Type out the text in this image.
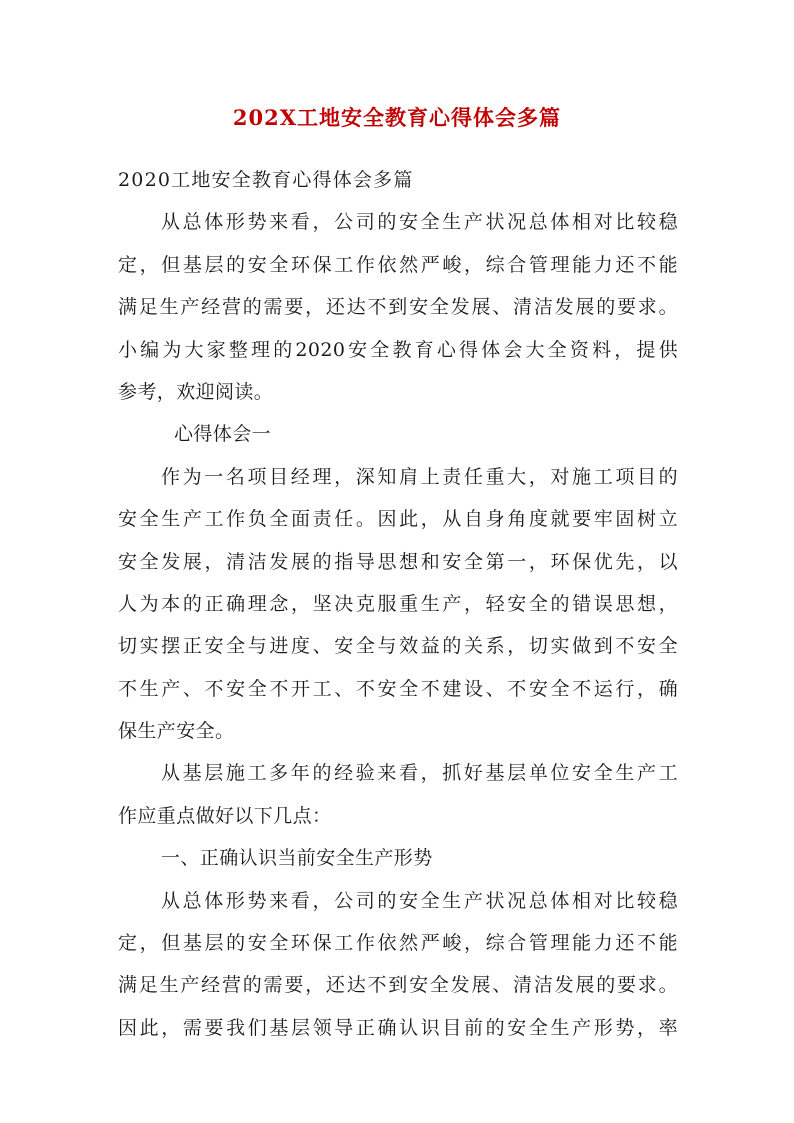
202X工地安全教育心得体会多篇
2020工地安全教育心得体会多篇
从总体形势来看，公司的安全生产状况总体相对比较稳
定，但基层的安全环保工作依然严峻，综合管理能力还不能
满足生产经营的需要，还达不到安全发展、清洁发展的要求。
小编为大家整理的2020安全教育心得体会大全资料，提供
参考，欢迎阅读。
心得体会一
作为一名项目经理，深知肩上责任重大，对施工项目的
安全生产工作负全面责任。因此，从自身角度就要牢固树立
安全发展，清洁发展的指导思想和安全第一，环保优先，以
人为本的正确理念，坚决克服重生产，轻安全的错误思想，
切实摆正安全与进度、安全与效益的关系，切实做到不安全
不生产、不安全不开工、不安全不建设、不安全不运行，确
保生产安全。
从基层施工多年的经验来看，抓好基层单位安全生产工
作应重点做好以下几点：
一、正确认识当前安全生产形势
从总体形势来看，公司的安全生产状况总体相对比较稳
定，但基层的安全环保工作依然严峻，综合管理能力还不能
满足生产经营的需要，还达不到安全发展、清洁发展的要求。
因此，需要我们基层领导正确认识目前的安全生产形势，率
